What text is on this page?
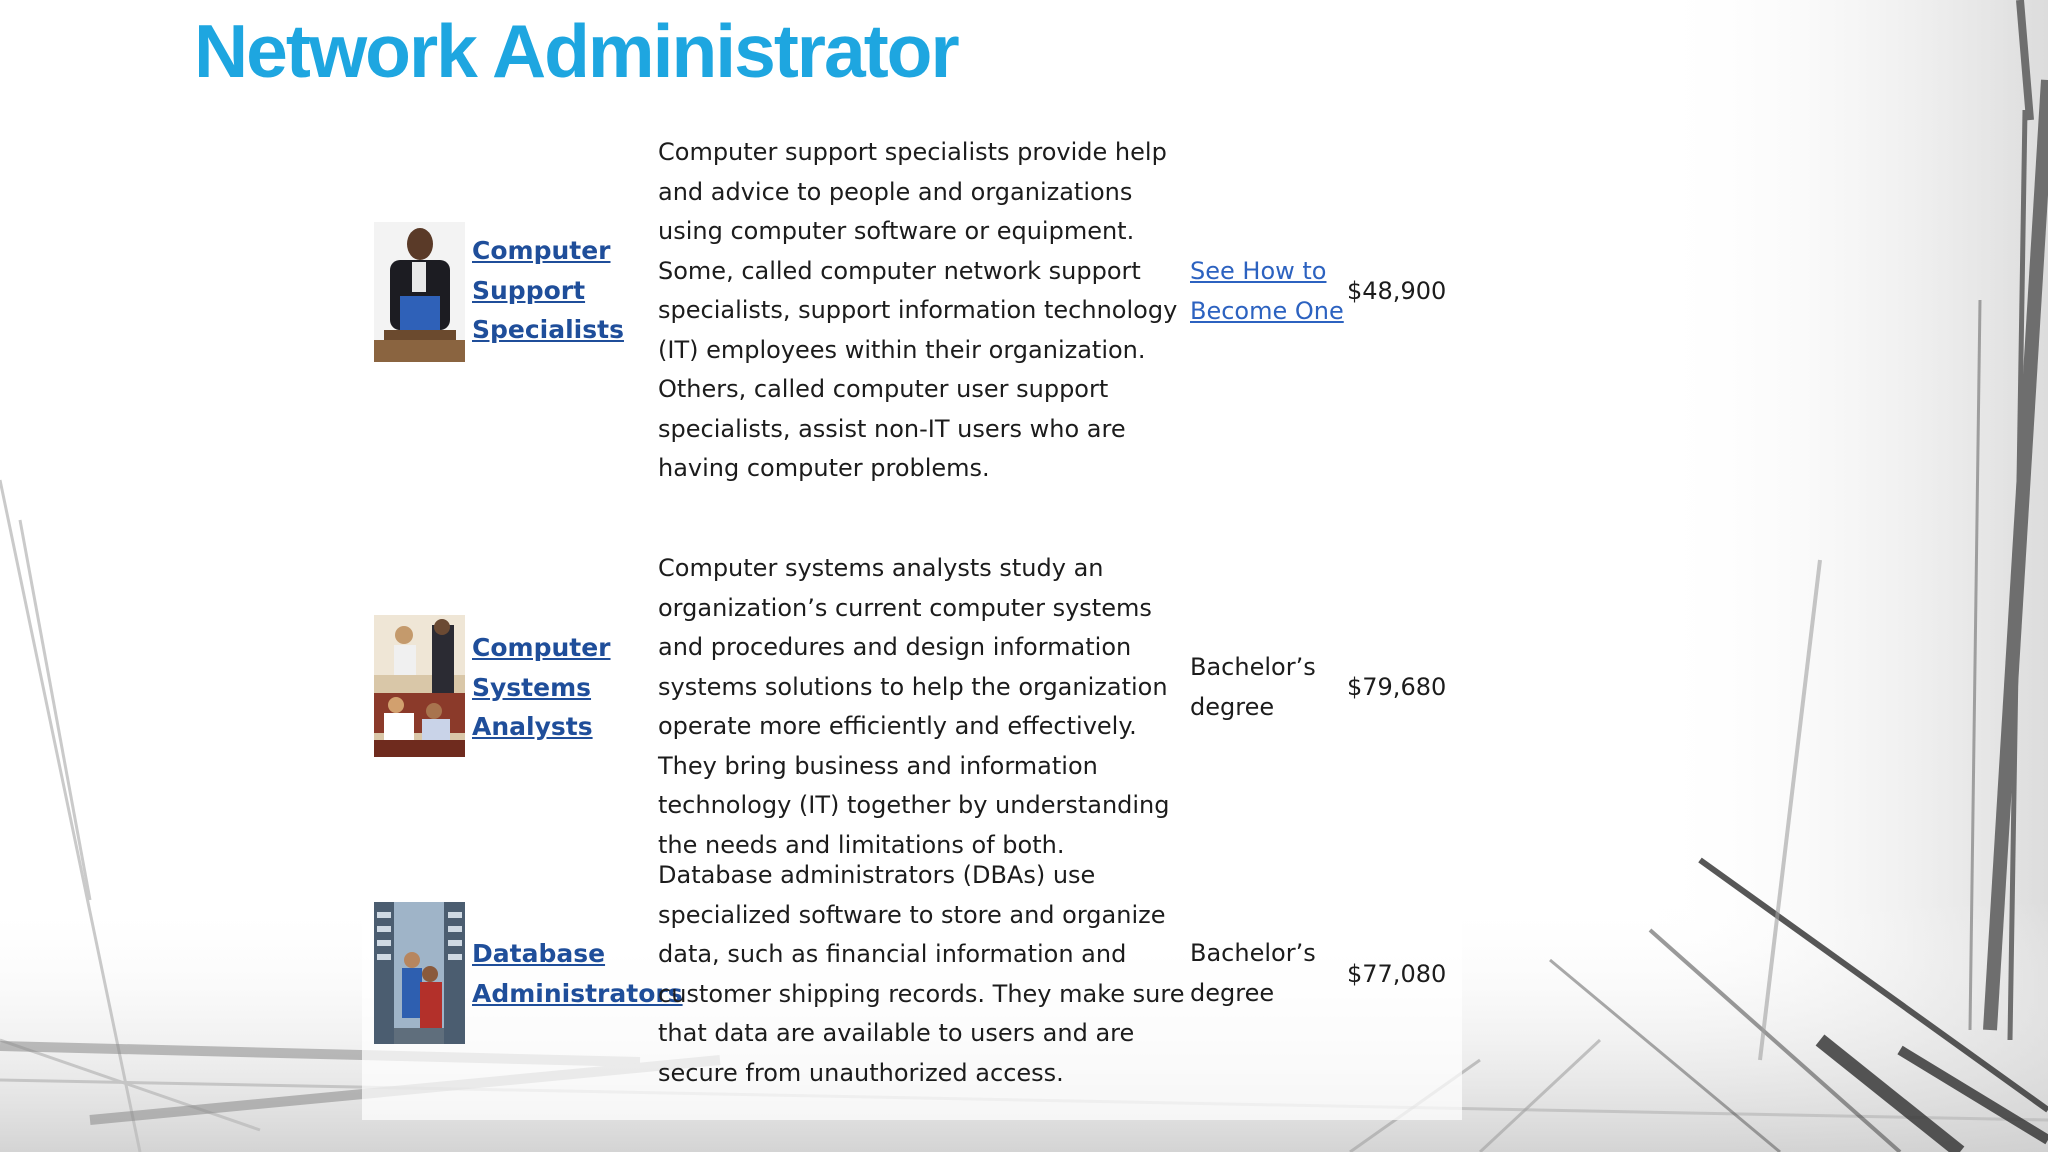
Network Administrator
Computer
Support
Specialists

Computer support specialists provide help and advice to people and organizations using computer software or equipment. Some, called computer network support specialists, support information technology (IT) employees within their organization. Others, called computer user support specialists, assist non-IT users who are having computer problems.

See How to
Become One
$48,900
Computer
Systems
Analysts

Computer systems analysts study an organization’s current computer systems and procedures and design information systems solutions to help the organization operate more efficiently and effectively. They bring business and information technology (IT) together by understanding the needs and limitations of both.

Bachelor’s
degree
$79,680
Database
Administrators

Database administrators (DBAs) use specialized software to store and organize data, such as financial information and customer shipping records. They make sure that data are available to users and are secure from unauthorized access.

Bachelor’s
degree
$77,080
